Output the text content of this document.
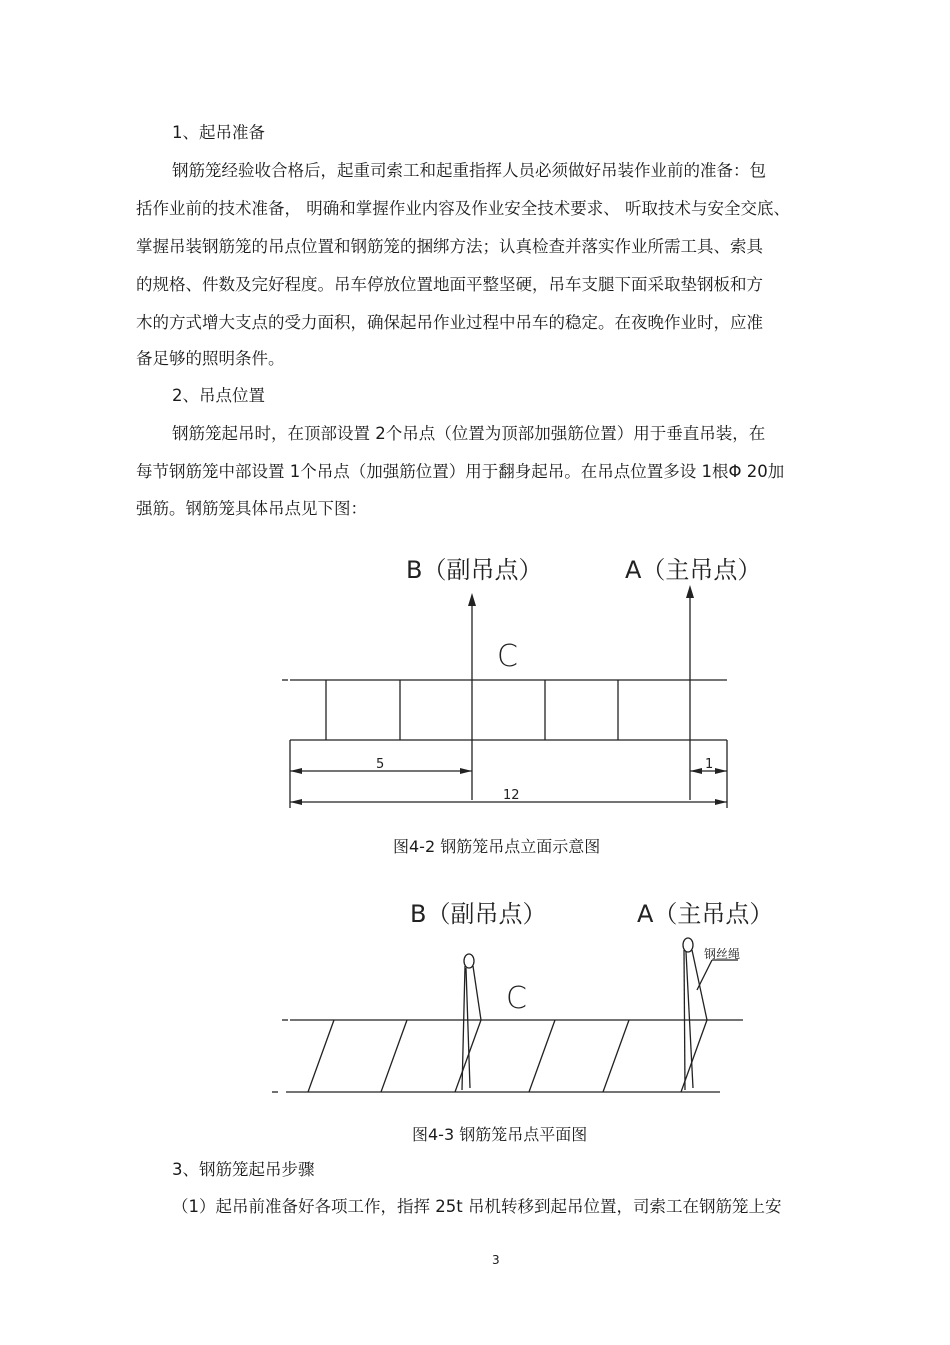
1、起吊准备
钢筋笼经验收合格后，起重司索工和起重指挥人员必须做好吊装作业前的准备：包
括作业前的技术准备， 明确和掌握作业内容及作业安全技术要求、 听取技术与安全交底、
掌握吊装钢筋笼的吊点位置和钢筋笼的捆绑方法；认真检查并落实作业所需工具、索具
的规格、件数及完好程度。吊车停放位置地面平整坚硬，吊车支腿下面采取垫钢板和方
木的方式增大支点的受力面积，确保起吊作业过程中吊车的稳定。在夜晚作业时，应准
备足够的照明条件。
2、吊点位置
钢筋笼起吊时，在顶部设置 2个吊点（位置为顶部加强筋位置）用于垂直吊装，在
每节钢筋笼中部设置 1个吊点（加强筋位置）用于翻身起吊。在吊点位置多设 1根Φ 20加
强筋。钢筋笼具体吊点见下图：
B（副吊点）	A（主吊点）
C
5	1
12
图4-2 钢筋笼吊点立面示意图
B（副吊点）	A（主吊点）
C
钢丝绳
图4-3 钢筋笼吊点平面图
3、钢筋笼起吊步骤
（1）起吊前准备好各项工作，指挥 25t 吊机转移到起吊位置，司索工在钢筋笼上安
3
